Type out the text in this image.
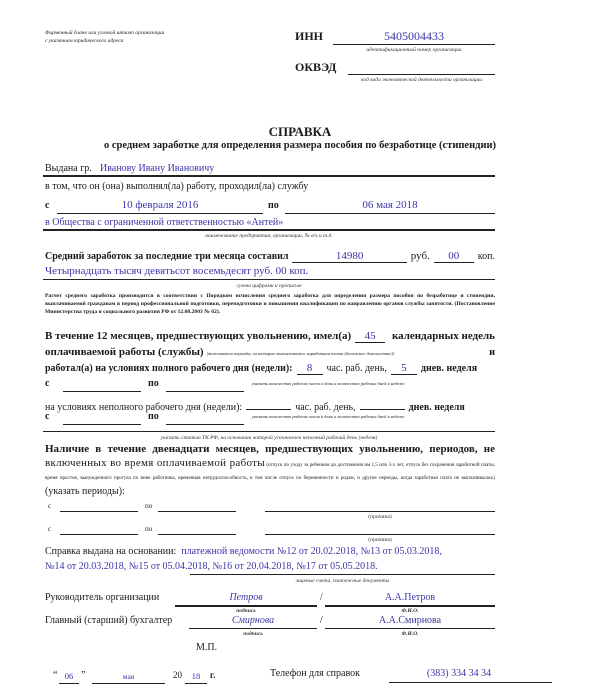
Фирменный бланк или угловой штамп организации
с указанием юридического адреса	ИНН	5405004433
идентификационный номер организации
ОКВЭД
код вида экономической деятельности организации
СПРАВКА
о среднем заработке для определения размера пособия по безработице (стипендии)
Выдана гр. Иванову Ивану Ивановичу
в том, что он (она) выполнял(ла) работу, проходил(ла) службу
с	10 февраля 2016	по	06 мая 2018
в Общества с ограниченной ответственностью «Антей»
наименование предприятия, организации, № в/ч и т.д.
Средний заработок за последние три месяца составил	14980	руб.	00	коп.
Четырнадцать тысяч девятьсот восемьдесят руб. 00 коп.
сумма цифрами и прописью
Расчет среднего заработка производится в соответствии с Порядком исчисления среднего заработка для определения размера пособия по безработице и стипендии, выплачиваемой гражданам в период профессиональной подготовки, переподготовки и повышения квалификации по направлению органов службы занятости. (Постановление Министерства труда и социального развития РФ от 12.08.2003 № 62).
В течение 12 месяцев, предшествующих увольнению, имел(а)	45	календарных недель
оплачиваемой работы (службы) (включаются периоды, за которые выплачивалась заработная плата (денежное довольствие))	и
работал(а) на условиях полного рабочего дня (недели):	8	час. раб. день,	5	днев. неделя
с	по	указать количество рабочих часов в день и количество рабочих дней в неделю
на условиях неполного рабочего дня (недели):	час. раб. день,	днев. неделя
с	по	указать количество рабочих часов в день и количество рабочих дней в неделю
указать статью ТК РФ, на основании которой установлен неполный рабочий день (неделя)
Наличие в течение двенадцати месяцев, предшествующих увольнению, периодов, не
включенных во время оплачиваемой работы (отпуск по уходу за ребенком до достижения им 1,5 или 3-х лет, отпуск без сохранения заработной платы, время простоя, вынужденного прогула по вине работника, временная нетрудоспособность, в том числе отпуск по беременности и родам, и другие периоды, когда заработная плата не выплачивалась) (указать периоды):
с	по
(причина)
с	по
(причина)
Справка выдана на основании: платежной ведомости №12 от 20.02.2018, №13 от 05.03.2018,
№14 от 20.03.2018, №15 от 05.04.2018, №16 от 20.04.2018, №17 от 05.05.2018.
лицевые счета, платежные документы
Руководитель организации	Петров	/	А.А.Петров
подпись	Ф.И.О.
Главный (старший) бухгалтер	Смирнова	/	А.А.Смирнова
подпись	Ф.И.О.
М.П.
“ 06 ”	мая	20	18	г.	Телефон для справок	(383) 334 34 34
